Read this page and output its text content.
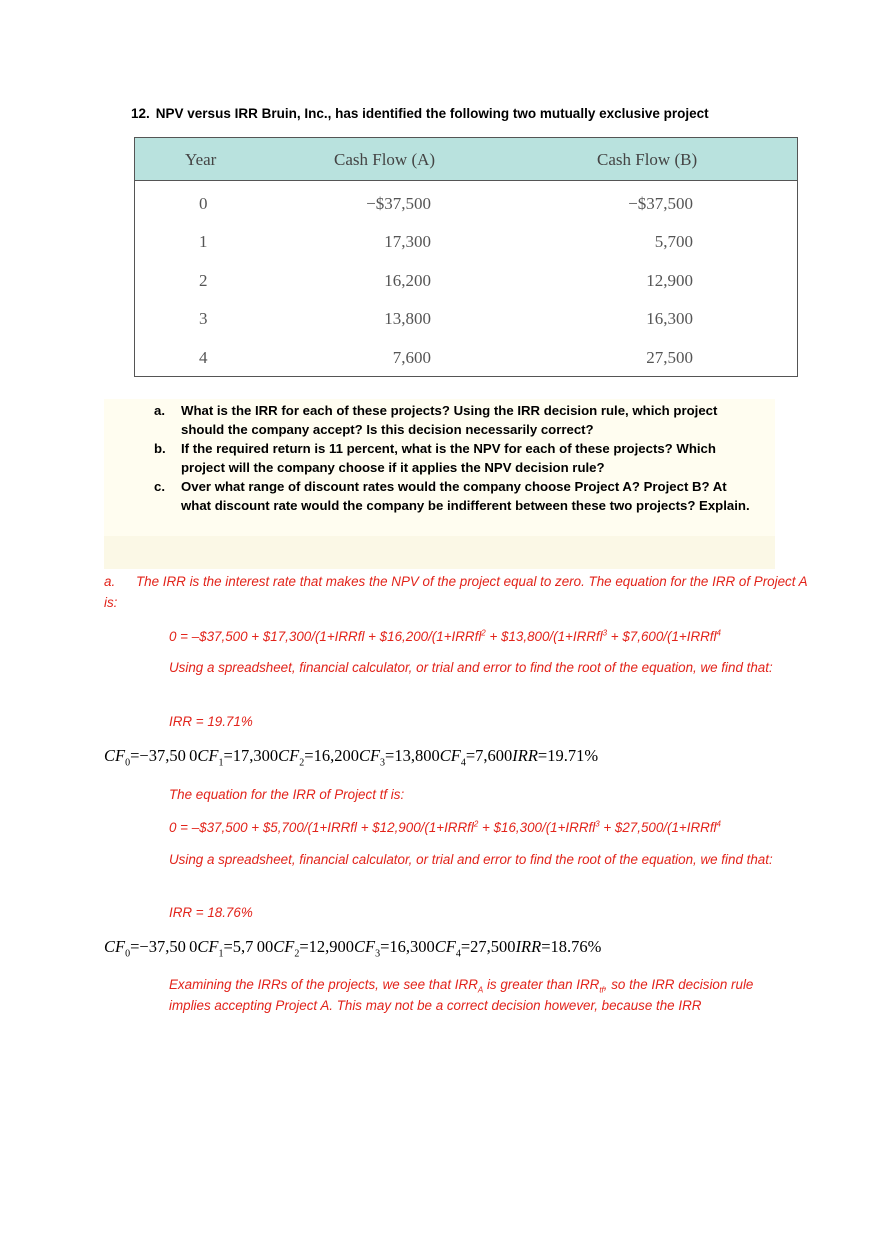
12. NPV versus IRR Bruin, Inc., has identified the following two mutually exclusive project
Year	Cash Flow (A)	Cash Flow (B)
0	−$37,500	−$37,500
1	17,300	5,700
2	16,200	12,900
3	13,800	16,300
4	7,600	27,500
a. What is the IRR for each of these projects? Using the IRR decision rule, which project should the company accept? Is this decision necessarily correct?
b. If the required return is 11 percent, what is the NPV for each of these projects? Which project will the company choose if it applies the NPV decision rule?
c. Over what range of discount rates would the company choose Project A? Project B? At what discount rate would the company be indifferent between these two projects? Explain.
a. The IRR is the interest rate that makes the NPV of the project equal to zero. The equation for the IRR of Project A is:
0 = –$37,500 + $17,300/(1+IRRfl + $16,200/(1+IRRfl$^2$ + $13,800/(1+IRRfl$^3$ + $7,600/(1+IRRfl$^4$
Using a spreadsheet, financial calculator, or trial and error to find the root of the equation, we find that:
IRR = 19.71%
$CF_0=-37,50$ $0CF_1=17,300CF_2=16,200CF_3=13,800CF_4=7,600IRR=19.71\%$
The equation for the IRR of Project tf is:
0 = –$37,500 + $5,700/(1+IRRfl + $12,900/(1+IRRfl$^2$ + $16,300/(1+IRRfl$^3$ + $27,500/(1+IRRfl$^4$
Using a spreadsheet, financial calculator, or trial and error to find the root of the equation, we find that:
IRR = 18.76%
$CF_0=-37,50$ $0CF_1=5,7$ $00CF_2=12,900CF_3=16,300CF_4=27,500IRR=18.76\%$
Examining the IRRs of the projects, we see that $IRR_A$ is greater than $IRR_{tf}$, so the IRR decision rule implies accepting Project A. This may not be a correct decision however, because the IRR
